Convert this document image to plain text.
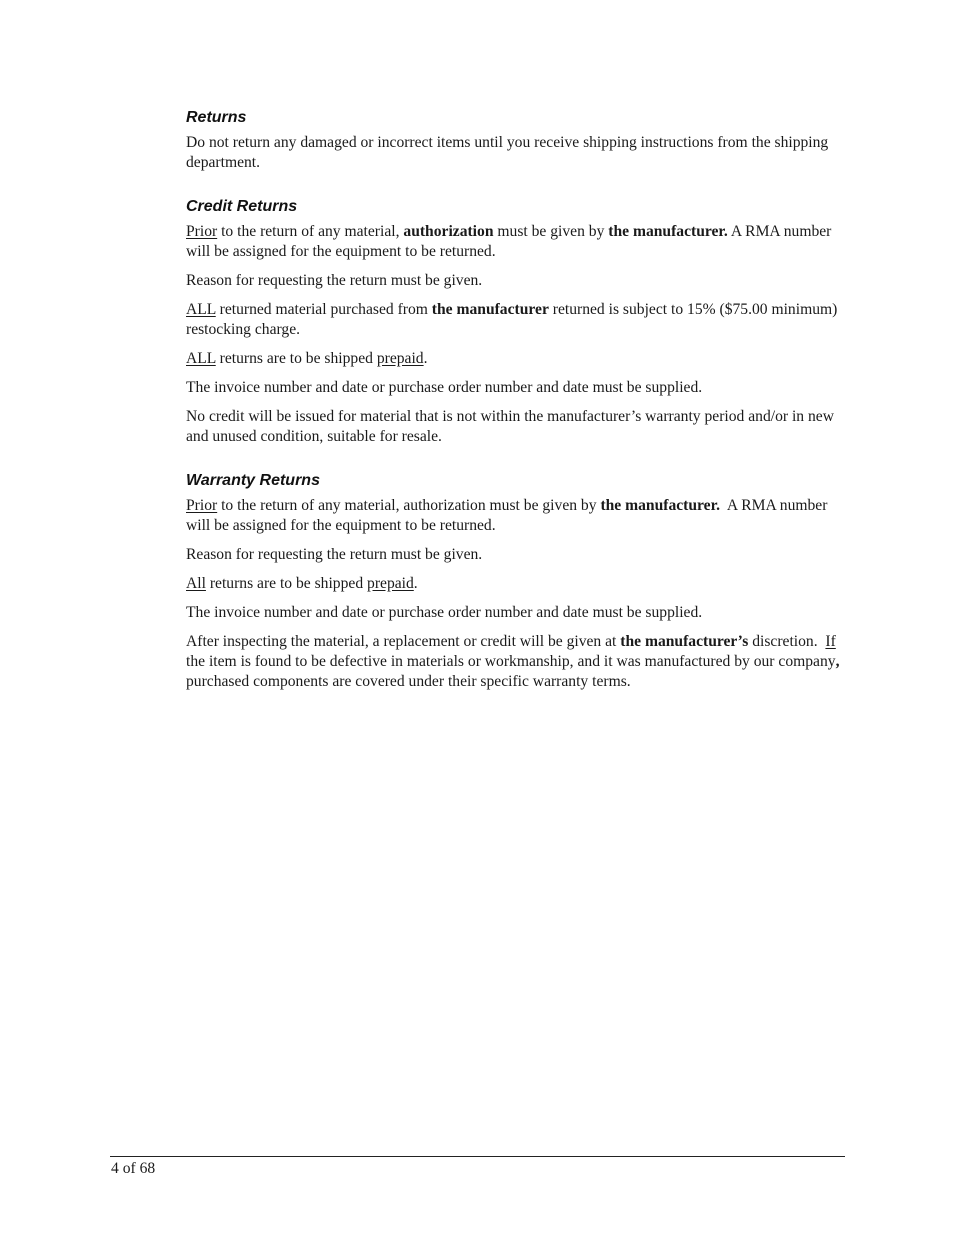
Returns

Do not return any damaged or incorrect items until you receive shipping instructions from the shipping department.

Credit Returns

Prior to the return of any material, authorization must be given by the manufacturer. A RMA number will be assigned for the equipment to be returned.

Reason for requesting the return must be given.

ALL returned material purchased from the manufacturer returned is subject to 15% ($75.00 minimum) restocking charge.

ALL returns are to be shipped prepaid.

The invoice number and date or purchase order number and date must be supplied.

No credit will be issued for material that is not within the manufacturer’s warranty period and/or in new and unused condition, suitable for resale.

Warranty Returns

Prior to the return of any material, authorization must be given by the manufacturer.  A RMA number will be assigned for the equipment to be returned.

Reason for requesting the return must be given.

All returns are to be shipped prepaid.

The invoice number and date or purchase order number and date must be supplied.

After inspecting the material, a replacement or credit will be given at the manufacturer’s discretion.  If the item is found to be defective in materials or workmanship, and it was manufactured by our company, purchased components are covered under their specific warranty terms.

4 of 68
